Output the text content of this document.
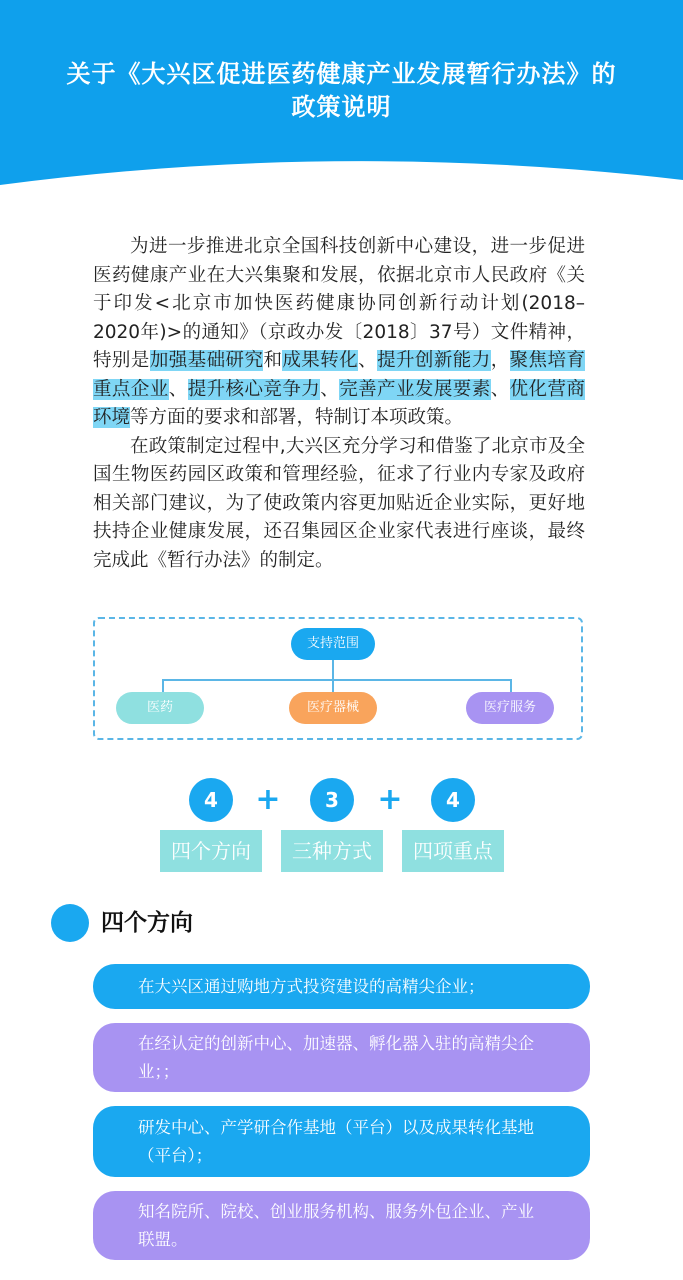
关于《大兴区促进医药健康产业发展暂行办法》的
政策说明

为进一步推进北京全国科技创新中心建设，进一步促进医药健康产业在大兴集聚和发展，依据北京市人民政府《关于印发<北京市加快医药健康协同创新行动计划(2018–2020年)>的通知》（京政办发〔2018〕37号）文件精神，特别是加强基础研究和成果转化、提升创新能力，聚焦培育重点企业、提升核心竞争力、完善产业发展要素、优化营商环境等方面的要求和部署，特制订本项政策。

在政策制定过程中,大兴区充分学习和借鉴了北京市及全国生物医药园区政策和管理经验，征求了行业内专家及政府相关部门建议，为了使政策内容更加贴近企业实际，更好地扶持企业健康发展，还召集园区企业家代表进行座谈，最终完成此《暂行办法》的制定。

支持范围
医药	医疗器械	医疗服务
4	+	3	+	4
四个方向	三种方式	四项重点
四个方向
在大兴区通过购地方式投资建设的高精尖企业；
在经认定的创新中心、加速器、孵化器入驻的高精尖企业；；
研发中心、产学研合作基地（平台）以及成果转化基地（平台）；
知名院所、院校、创业服务机构、服务外包企业、产业联盟。
